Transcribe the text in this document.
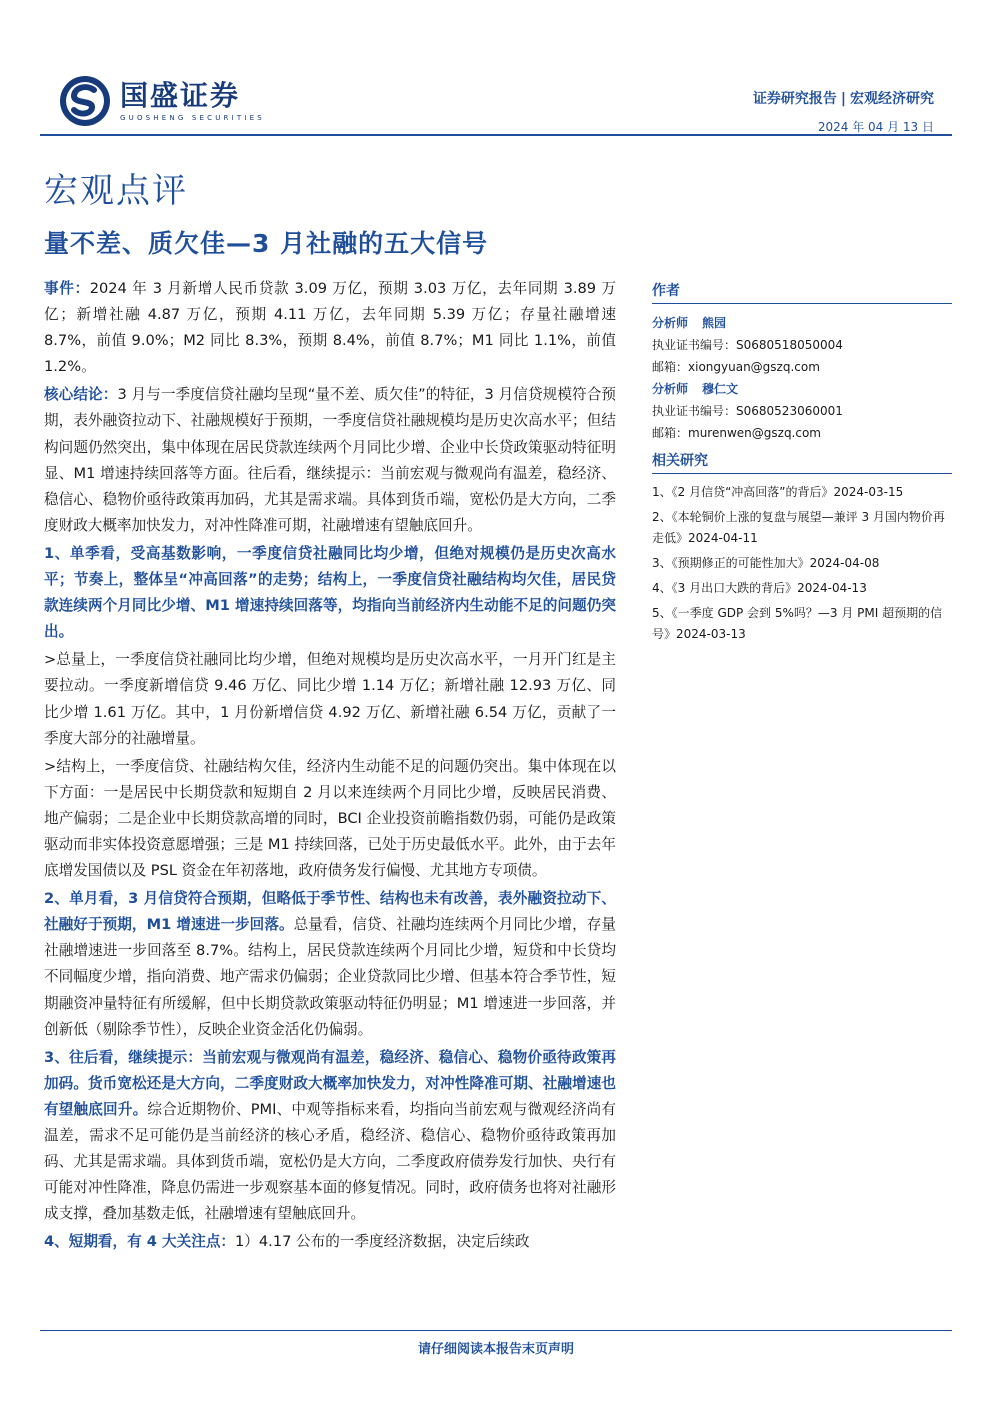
国盛证券
GUOSHENG SECURITIES
证券研究报告 | 宏观经济研究
2024 年 04 月 13 日
宏观点评
量不差、质欠佳—3 月社融的五大信号

事件：2024 年 3 月新增人民币贷款 3.09 万亿，预期 3.03 万亿，去年同期 3.89 万亿；新增社融 4.87 万亿，预期 4.11 万亿，去年同期 5.39 万亿；存量社融增速 8.7%，前值 9.0%；M2 同比 8.3%，预期 8.4%，前值 8.7%；M1 同比 1.1%，前值 1.2%。

核心结论：3 月与一季度信贷社融均呈现“量不差、质欠佳”的特征，3 月信贷规模符合预期，表外融资拉动下、社融规模好于预期，一季度信贷社融规模均是历史次高水平；但结构问题仍然突出，集中体现在居民贷款连续两个月同比少增、企业中长贷政策驱动特征明显、M1 增速持续回落等方面。往后看，继续提示：当前宏观与微观尚有温差，稳经济、稳信心、稳物价亟待政策再加码，尤其是需求端。具体到货币端，宽松仍是大方向，二季度财政大概率加快发力，对冲性降准可期，社融增速有望触底回升。

1、单季看，受高基数影响，一季度信贷社融同比均少增，但绝对规模仍是历史次高水平；节奏上，整体呈“冲高回落”的走势；结构上，一季度信贷社融结构均欠佳，居民贷款连续两个月同比少增、M1 增速持续回落等，均指向当前经济内生动能不足的问题仍突出。

>总量上，一季度信贷社融同比均少增，但绝对规模均是历史次高水平，一月开门红是主要拉动。一季度新增信贷 9.46 万亿、同比少增 1.14 万亿；新增社融 12.93 万亿、同比少增 1.61 万亿。其中，1 月份新增信贷 4.92 万亿、新增社融 6.54 万亿，贡献了一季度大部分的社融增量。

>结构上，一季度信贷、社融结构欠佳，经济内生动能不足的问题仍突出。集中体现在以下方面：一是居民中长期贷款和短期自 2 月以来连续两个月同比少增，反映居民消费、地产偏弱；二是企业中长期贷款高增的同时，BCI 企业投资前瞻指数仍弱，可能仍是政策驱动而非实体投资意愿增强；三是 M1 持续回落，已处于历史最低水平。此外，由于去年底增发国债以及 PSL 资金在年初落地，政府债务发行偏慢、尤其地方专项债。

2、单月看，3 月信贷符合预期，但略低于季节性、结构也未有改善，表外融资拉动下、社融好于预期，M1 增速进一步回落。总量看，信贷、社融均连续两个月同比少增，存量社融增速进一步回落至 8.7%。结构上，居民贷款连续两个月同比少增，短贷和中长贷均不同幅度少增，指向消费、地产需求仍偏弱；企业贷款同比少增、但基本符合季节性，短期融资冲量特征有所缓解，但中长期贷款政策驱动特征仍明显；M1 增速进一步回落，并创新低（剔除季节性），反映企业资金活化仍偏弱。

3、往后看，继续提示：当前宏观与微观尚有温差，稳经济、稳信心、稳物价亟待政策再加码。货币宽松还是大方向，二季度财政大概率加快发力，对冲性降准可期、社融增速也有望触底回升。综合近期物价、PMI、中观等指标来看，均指向当前宏观与微观经济尚有温差，需求不足可能仍是当前经济的核心矛盾，稳经济、稳信心、稳物价亟待政策再加码、尤其是需求端。具体到货币端，宽松仍是大方向，二季度政府债券发行加快、央行有可能对冲性降准，降息仍需进一步观察基本面的修复情况。同时，政府债务也将对社融形成支撑，叠加基数走低，社融增速有望触底回升。

4、短期看，有 4 大关注点：1）4.17 公布的一季度经济数据，决定后续政

作者
分析师 熊园
执业证书编号：S0680518050004
邮箱：xiongyuan@gszq.com
分析师 穆仁文
执业证书编号：S0680523060001
邮箱：murenwen@gszq.com
相关研究
1、《2 月信贷“冲高回落”的背后》2024-03-15
2、《本轮铜价上涨的复盘与展望—兼评 3 月国内物价再走低》2024-04-11
3、《预期修正的可能性加大》2024-04-08
4、《3 月出口大跌的背后》2024-04-13
5、《一季度 GDP 会到 5%吗？—3 月 PMI 超预期的信号》2024-03-13
请仔细阅读本报告末页声明
